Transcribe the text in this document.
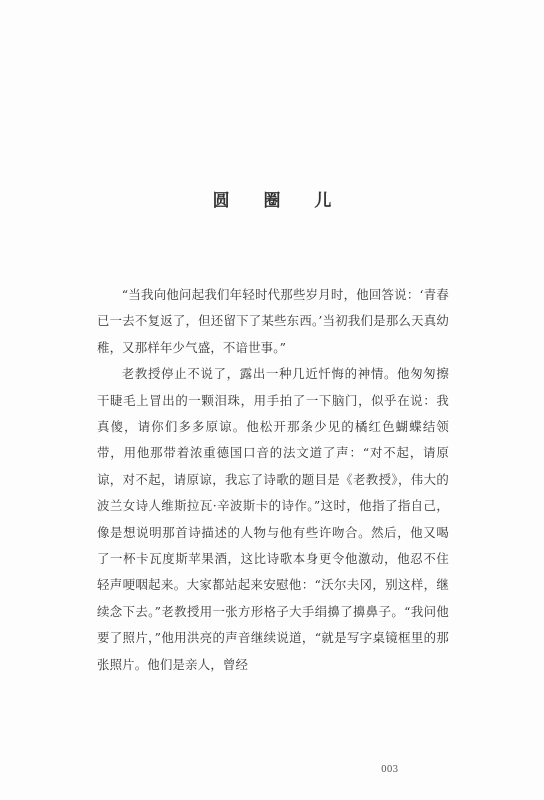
圆 圈 儿

“当我向他问起我们年轻时代那些岁月时，他回答说：‘青春已一去不复返了，但还留下了某些东西。’当初我们是那么天真幼稚，又那样年少气盛，不谙世事。”

老教授停止不说了，露出一种几近忏悔的神情。他匆匆擦干睫毛上冒出的一颗泪珠，用手拍了一下脑门，似乎在说：我真傻，请你们多多原谅。他松开那条少见的橘红色蝴蝶结领带，用他那带着浓重德国口音的法文道了声：“对不起，请原谅，对不起，请原谅，我忘了诗歌的题目是《老教授》，伟大的波兰女诗人维斯拉瓦·辛波斯卡的诗作。”这时，他指了指自己，像是想说明那首诗描述的人物与他有些许吻合。然后，他又喝了一杯卡瓦度斯苹果酒，这比诗歌本身更令他激动，他忍不住轻声哽咽起来。大家都站起来安慰他：“沃尔夫冈，别这样，继续念下去。”老教授用一张方形格子大手绢擤了擤鼻子。“我问他要了照片，”他用洪亮的声音继续说道，“就是写字桌镜框里的那张照片。他们是亲人，曾经

003
